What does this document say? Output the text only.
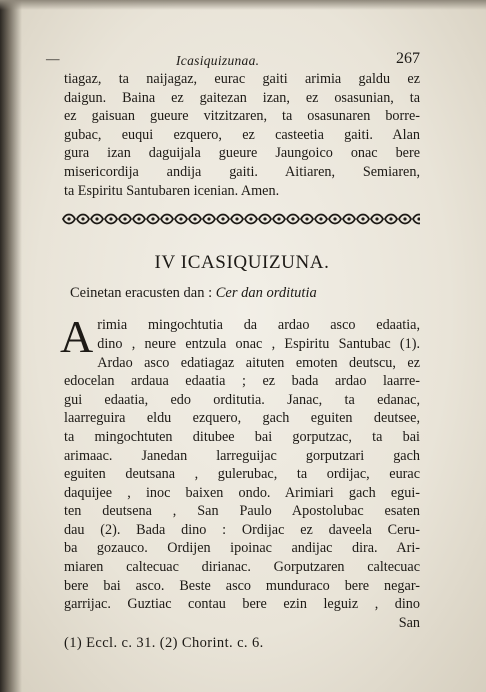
—	Icasiquizunaa.	267
tiagaz, ta naijagaz, eurac gaiti arimia galdu ez
daigun. Baina ez gaitezan izan, ez osasunian, ta
ez gaisuan gueure vitzitzaren, ta osasunaren borre-
gubac, euqui ezquero, ez casteetia gaiti. Alan
gura izan daguijala gueure Jaungoico onac bere
misericordija andija gaiti. Aitiaren, Semiaren,
ta Espiritu Santubaren icenian. Amen.
IV ICASIQUIZUNA.
Ceinetan eracusten dan : Cer dan orditutia
A rimia mingochtutia da ardao asco edaatia,
dino , neure entzula onac , Espiritu Santubac (1).
Ardao asco edatiagaz aituten emoten deutscu, ez
edocelan ardaua edaatia ; ez bada ardao laarre-
gui edaatia, edo orditutia. Janac, ta edanac,
laarreguira eldu ezquero, gach eguiten deutsee,
ta mingochtuten ditubee bai gorputzac, ta bai
arimaac. Janedan larreguijac gorputzari gach
eguiten deutsana , gulerubac, ta ordijac, eurac
daquijee , inoc baixen ondo. Arimiari gach egui-
ten deutsena , San Paulo Apostolubac esaten
dau (2). Bada dino : Ordijac ez daveela Ceru-
ba gozauco. Ordijen ipoinac andijac dira. Ari-
miaren caltecuac dirianac. Gorputzaren caltecuac
bere bai asco. Beste asco munduraco bere negar-
garrijac. Guztiac contau bere ezin leguiz , dino
San
(1) Eccl. c. 31. (2) Chorint. c. 6.
